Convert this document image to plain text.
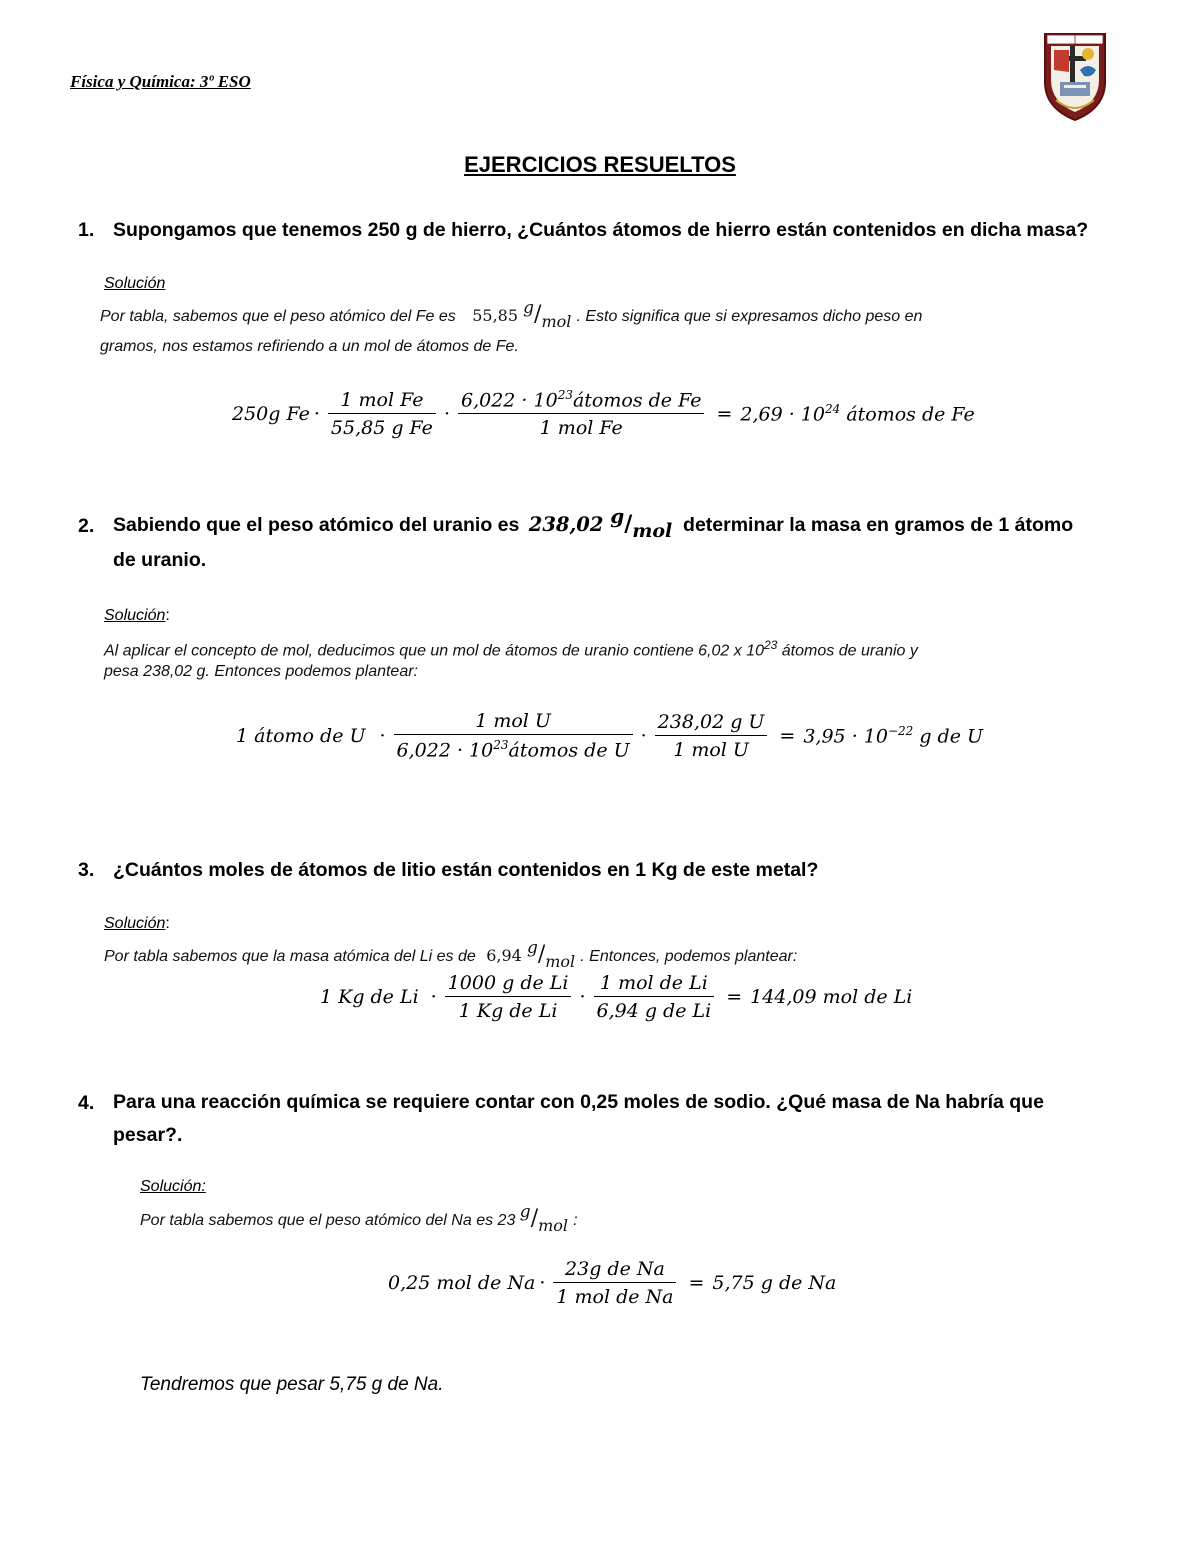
Física y Química: 3º ESO
EJERCICIOS RESUELTOS
1. Supongamos que tenemos 250 g de hierro, ¿Cuántos átomos de hierro están contenidos en dicha masa?
Solución
Por tabla, sabemos que el peso atómico del Fe es 55,85 g/mol . Esto significa que si expresamos dicho peso en
gramos, nos estamos refiriendo a un mol de átomos de Fe.
250g $Fe \cdot \frac{\text{1 mol Fe}}{\text{55,85 g Fe}} \cdot \frac{6,022 \cdot 10^{23}átomos de Fe}{\text{1 mol Fe}} = 2,69 \cdot 10^{24}$ átomos de Fe
2. Sabiendo que el peso atómico del uranio es 238,02 g/mol determinar la masa en gramos de 1 átomo
de uranio.
Solución:
Al aplicar el concepto de mol, deducimos que un mol de átomos de uranio contiene 6,02 x $10^{23}$ átomos de uranio y
pesa 238,02 g. Entonces podemos plantear:
1 átomo de $U \cdot \frac{\text{1 mol U}}{6,022 \cdot 10^{23}átomos de U} \cdot \frac{\text{238,02 g U}}{\text{1 mol U}} = 3,95 \cdot 10^{-22}$ g de U
3. ¿Cuántos moles de átomos de litio están contenidos en 1 Kg de este metal?
Solución:
Por tabla sabemos que la masa atómica del Li es de 6,94 g/mol . Entonces, podemos plantear:
1 Kg de $Li \cdot \frac{\text{1000 g de Li}}{\text{1 Kg de Li}} \cdot \frac{\text{1 mol de Li}}{\text{6,94 g de Li}} = 144,09$ mol de Li
4. Para una reacción química se requiere contar con 0,25 moles de sodio. ¿Qué masa de Na habría que
pesar?.
Solución:
Por tabla sabemos que el peso atómico del Na es 23 g/mol :
0,25 mol de $Na \cdot \frac{\text{23g de Na}}{\text{1 mol de Na}} = 5,75$ g de Na
Tendremos que pesar 5,75 g de Na.
